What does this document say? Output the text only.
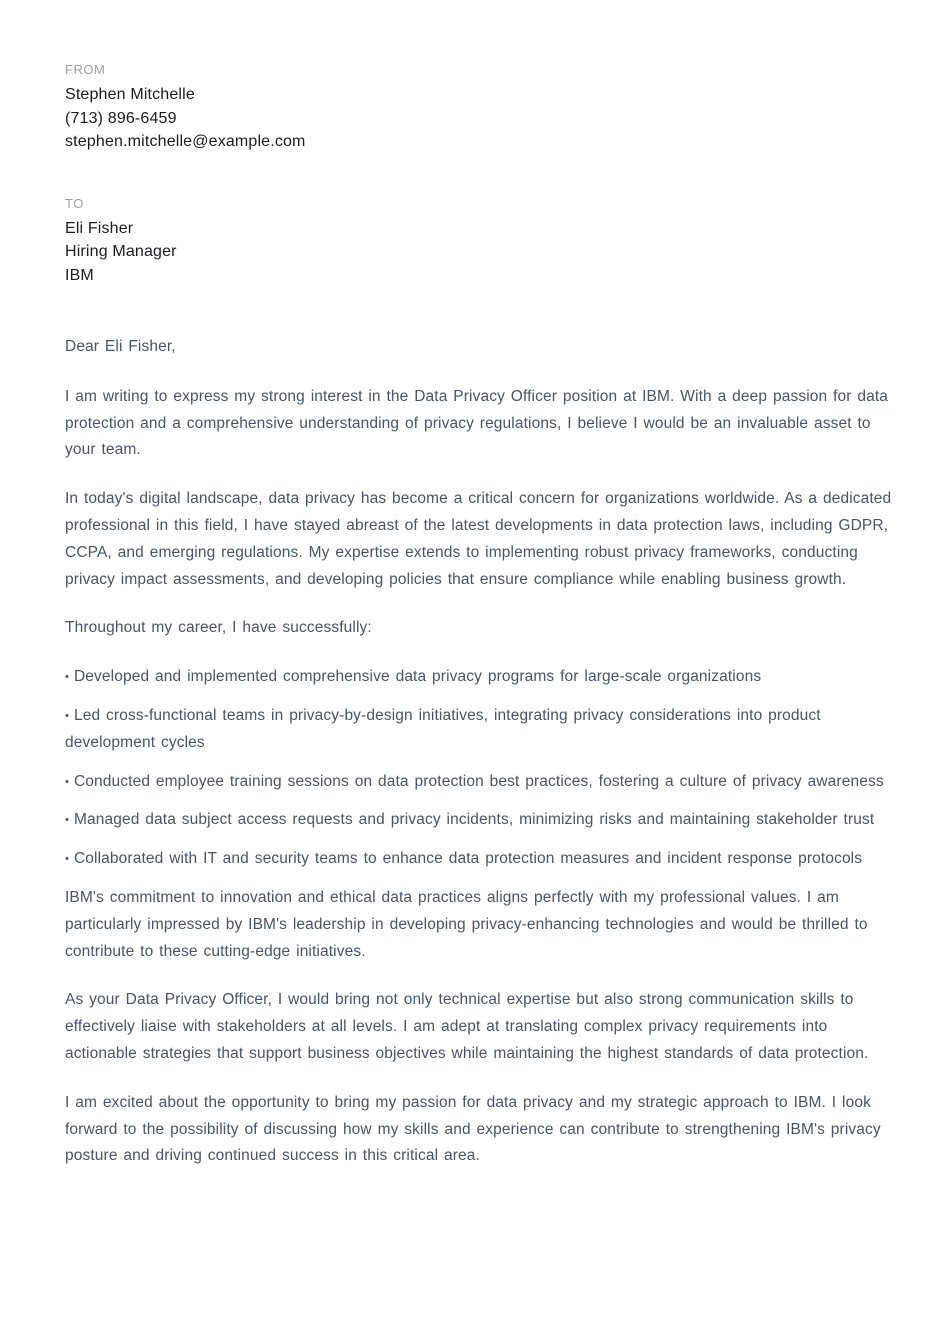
FROM
Stephen Mitchelle
(713) 896-6459
stephen.mitchelle@example.com
TO
Eli Fisher
Hiring Manager
IBM

Dear Eli Fisher,

I am writing to express my strong interest in the Data Privacy Officer position at IBM. With a deep passion for data protection and a comprehensive understanding of privacy regulations, I believe I would be an invaluable asset to your team.

In today's digital landscape, data privacy has become a critical concern for organizations worldwide. As a dedicated professional in this field, I have stayed abreast of the latest developments in data protection laws, including GDPR, CCPA, and emerging regulations. My expertise extends to implementing robust privacy frameworks, conducting privacy impact assessments, and developing policies that ensure compliance while enabling business growth.

Throughout my career, I have successfully:

• Developed and implemented comprehensive data privacy programs for large-scale organizations

• Led cross-functional teams in privacy-by-design initiatives, integrating privacy considerations into product development cycles

• Conducted employee training sessions on data protection best practices, fostering a culture of privacy awareness

• Managed data subject access requests and privacy incidents, minimizing risks and maintaining stakeholder trust

• Collaborated with IT and security teams to enhance data protection measures and incident response protocols

IBM's commitment to innovation and ethical data practices aligns perfectly with my professional values. I am particularly impressed by IBM's leadership in developing privacy-enhancing technologies and would be thrilled to contribute to these cutting-edge initiatives.

As your Data Privacy Officer, I would bring not only technical expertise but also strong communication skills to effectively liaise with stakeholders at all levels. I am adept at translating complex privacy requirements into actionable strategies that support business objectives while maintaining the highest standards of data protection.

I am excited about the opportunity to bring my passion for data privacy and my strategic approach to IBM. I look forward to the possibility of discussing how my skills and experience can contribute to strengthening IBM's privacy posture and driving continued success in this critical area.
